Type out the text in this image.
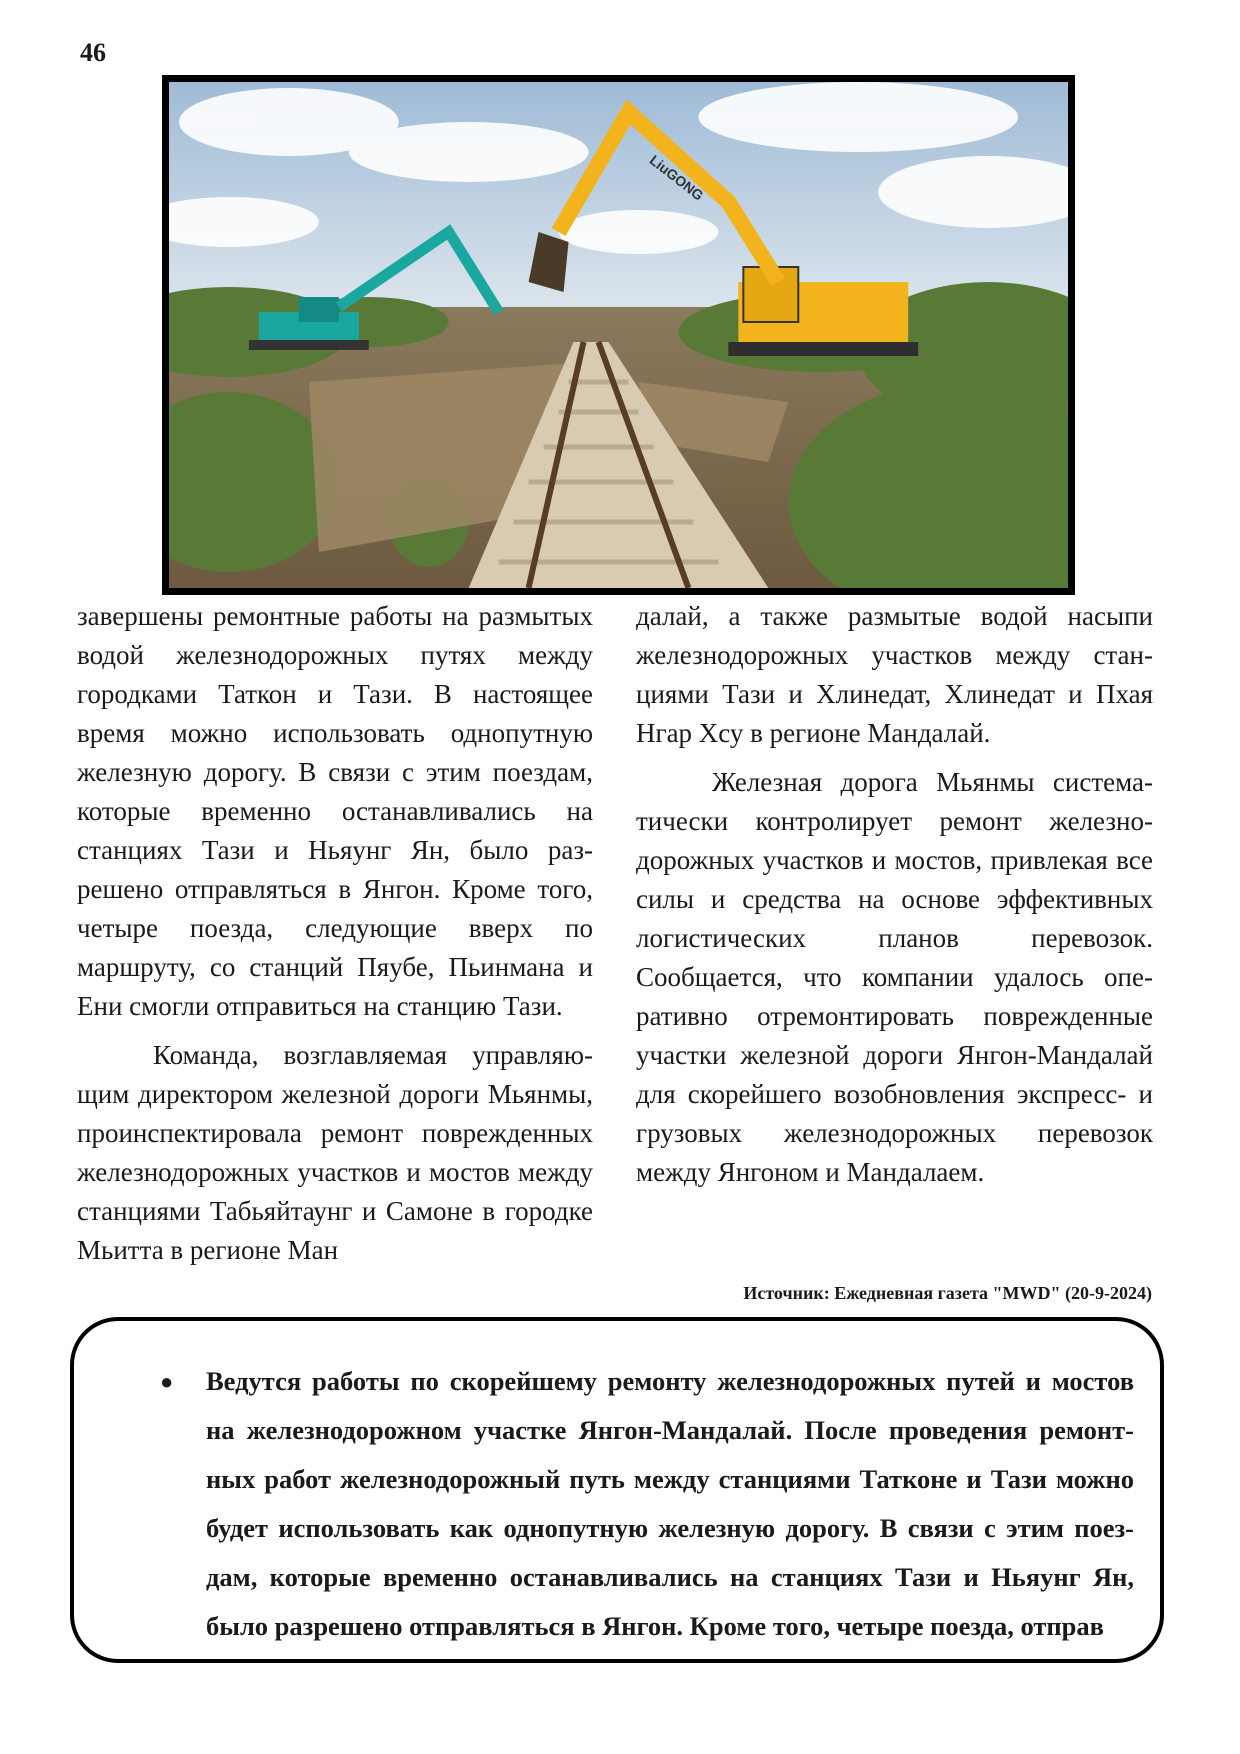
46
LiuGONG

завершены ремонтные работы на размытых водой железнодорожных путях между городками Таткон и Тази. В настоящее время можно использовать однопутную железную дорогу. В связи с этим поездам, которые временно останавливались на станциях Тази и Ньяунг Ян, было разрешено отправляться в Янгон. Кроме того, четыре поезда, следующие вверх по маршруту, со станций Пяубе, Пьинмана и Ени смогли отправиться на станцию Тази.

Команда, возглавляемая управляющим директором железной дороги Мьянмы, проинспектировала ремонт поврежденных железнодорожных участков и мостов между станциями Табьяйтаунг и Самоне в городке Мьитта в регионе Ман

далай, а также размытые водой насыпи железнодорожных участков между станциями Тази и Хлинедат, Хлинедат и Пхая Нгар Хсу в регионе Мандалай.

Железная дорога Мьянмы систематически контролирует ремонт железнодорожных участков и мостов, привлекая все силы и средства на основе эффективных логистических планов перевозок. Сообщается, что компании удалось оперативно отремонтировать поврежденные участки железной дороги Янгон-Мандалай для скорейшего возобновления экспресс- и грузовых железнодорожных перевозок между Янгоном и Мандалаем.

Источник: Ежедневная газета "MWD" (20-9-2024)
● Ведутся работы по скорейшему ремонту железнодорожных путей и мостов на железнодорожном участке Янгон-Мандалай. После проведения ремонтных работ железнодорожный путь между станциями Татконе и Тази можно будет использовать как однопутную железную дорогу. В связи с этим поездам, которые временно останавливались на станциях Тази и Ньяунг Ян, было разрешено отправляться в Янгон. Кроме того, четыре поезда, отправ
